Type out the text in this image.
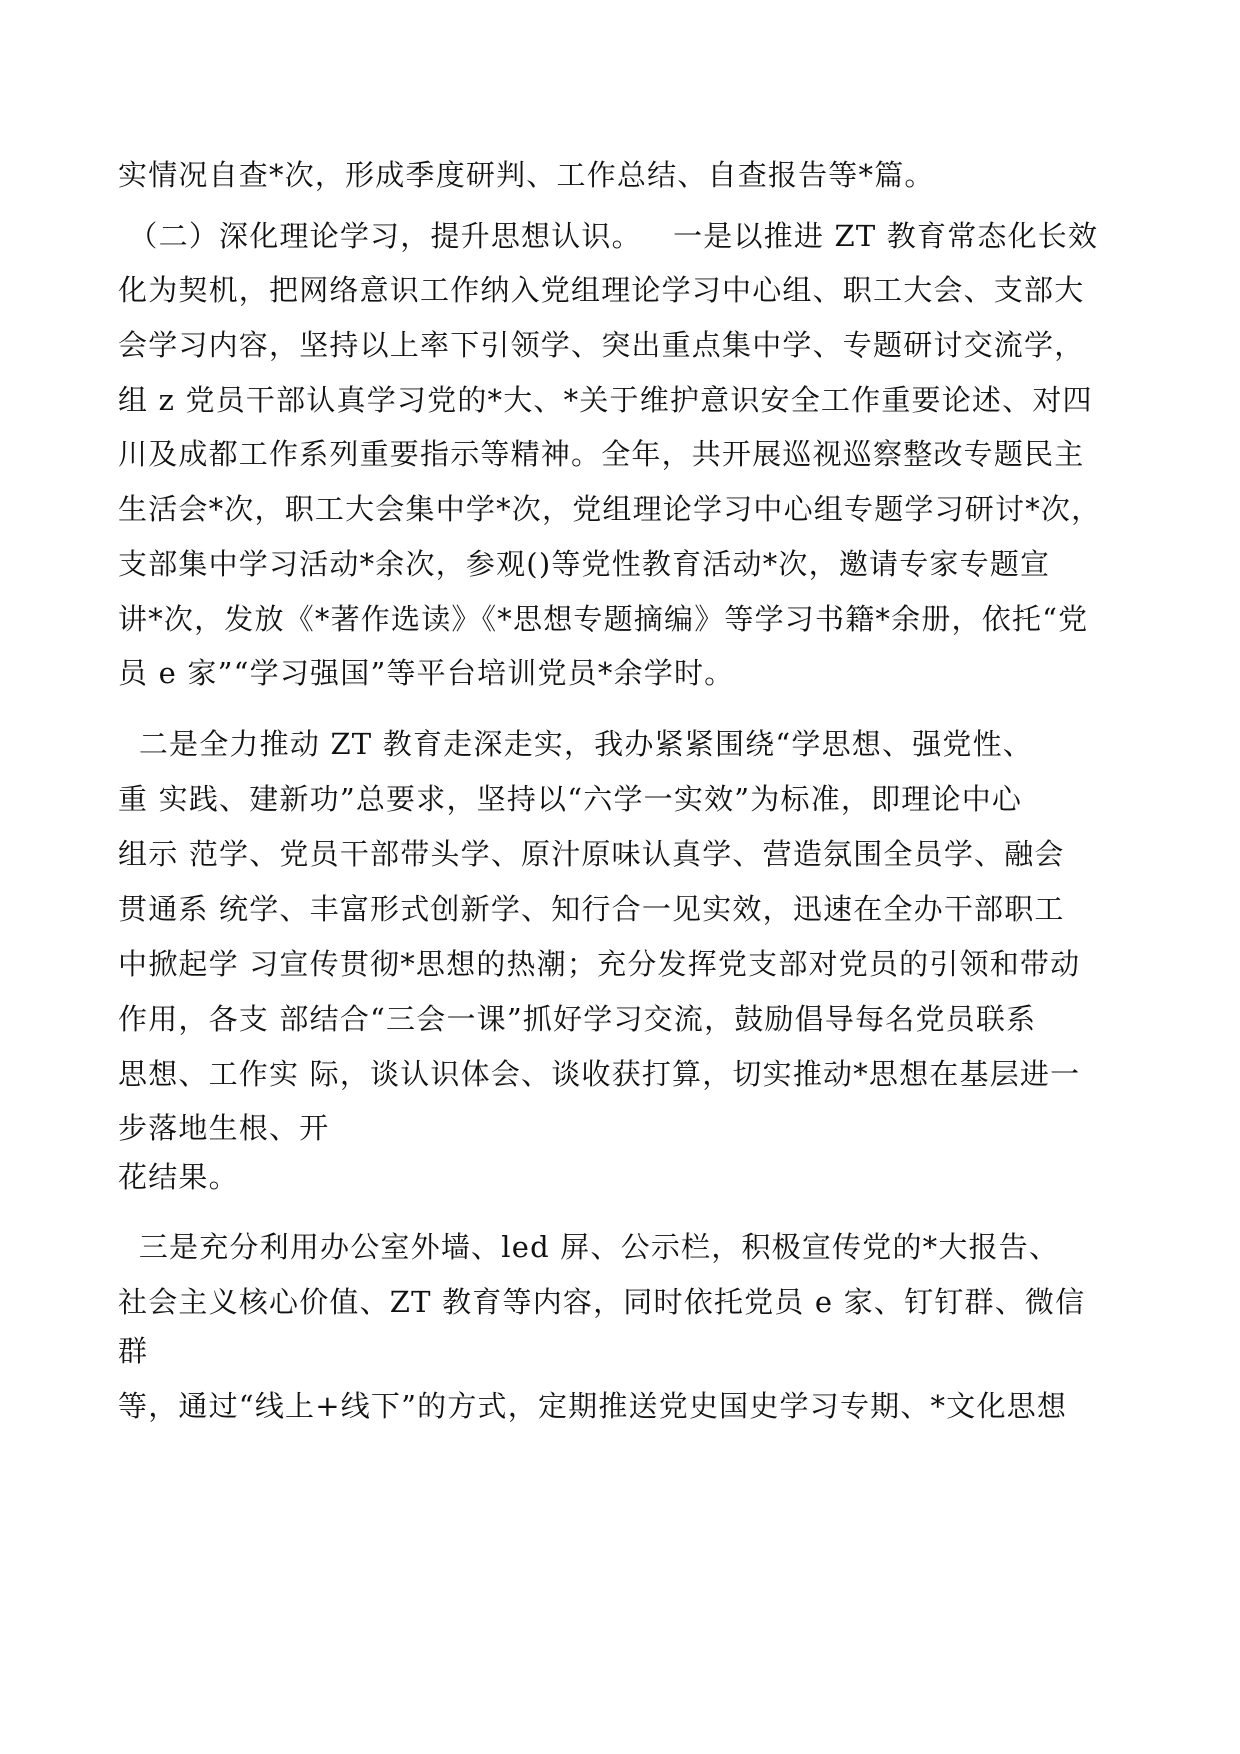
实情况自查*次，形成季度研判、工作总结、自查报告等*篇。

（二）深化理论学习，提升思想认识。   一是以推进 ZT 教育常态化长效

化为契机，把网络意识工作纳入党组理论学习中心组、职工大会、支部大

会学习内容，坚持以上率下引领学、突出重点集中学、专题研讨交流学，

组 z 党员干部认真学习党的*大、*关于维护意识安全工作重要论述、对四

川及成都工作系列重要指示等精神。全年，共开展巡视巡察整改专题民主

生活会*次，职工大会集中学*次，党组理论学习中心组专题学习研讨*次，

支部集中学习活动*余次，参观()等党性教育活动*次，邀请专家专题宣

讲*次，发放《*著作选读》《*思想专题摘编》等学习书籍*余册，依托“党

员 e 家”“学习强国”等平台培训党员*余学时。

二是全力推动 ZT 教育走深走实，我办紧紧围绕“学思想、强党性、

重 实践、建新功”总要求，坚持以“六学一实效”为标准，即理论中心

组示 范学、党员干部带头学、原汁原味认真学、营造氛围全员学、融会

贯通系 统学、丰富形式创新学、知行合一见实效，迅速在全办干部职工

中掀起学 习宣传贯彻*思想的热潮；充分发挥党支部对党员的引领和带动

作用，各支 部结合“三会一课”抓好学习交流，鼓励倡导每名党员联系

思想、工作实 际，谈认识体会、谈收获打算，切实推动*思想在基层进一

步落地生根、开

花结果。

三是充分利用办公室外墙、led 屏、公示栏，积极宣传党的*大报告、

社会主义核心价值、ZT 教育等内容，同时依托党员 e 家、钉钉群、微信

群

等，通过“线上+线下”的方式，定期推送党史国史学习专期、*文化思想
